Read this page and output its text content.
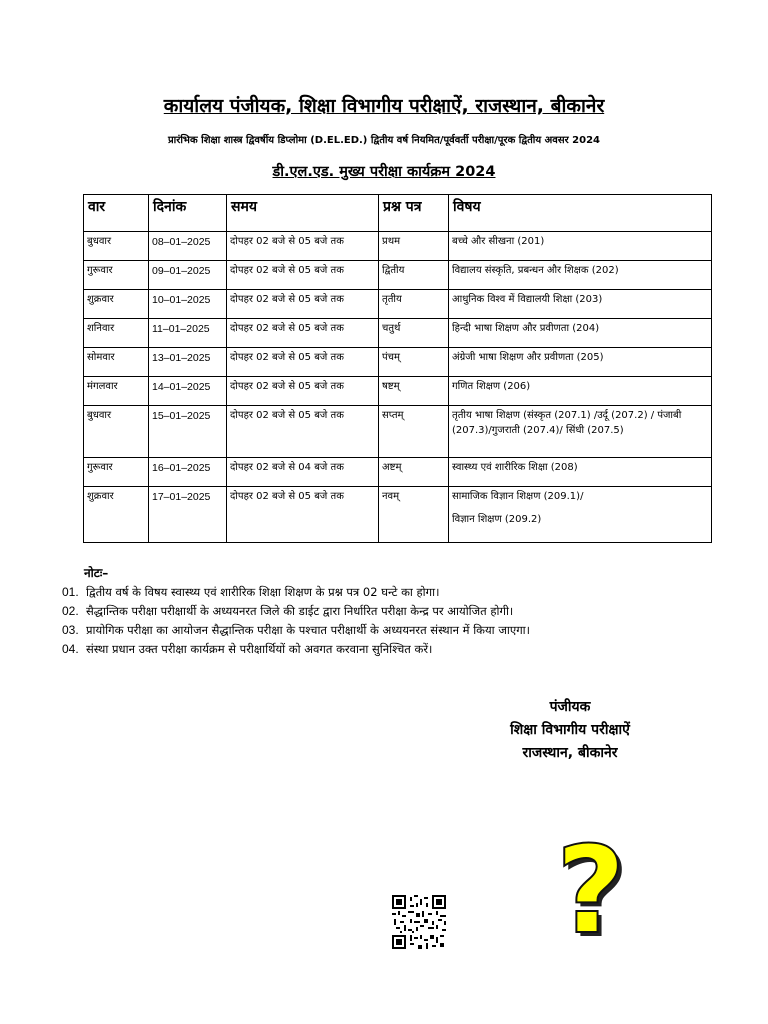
कार्यालय पंजीयक, शिक्षा विभागीय परीक्षाऐं, राजस्थान, बीकानेर
प्रारंभिक शिक्षा शास्त्र द्विवर्षीय डिप्लोमा (D.EL.ED.) द्वितीय वर्ष नियमित/पूर्ववर्ती परीक्षा/पूरक द्वितीय अवसर 2024
डी.एल.एड. मुख्य परीक्षा कार्यक्रम 2024
वार	दिनांक	समय	प्रश्न पत्र	विषय
बुधवार	08–01–2025	दोपहर 02 बजे से 05 बजे तक	प्रथम	बच्चे और सीखना (201)
गुरूवार	09–01–2025	दोपहर 02 बजे से 05 बजे तक	द्वितीय	विद्यालय संस्कृति, प्रबन्धन और शिक्षक (202)
शुक्रवार	10–01–2025	दोपहर 02 बजे से 05 बजे तक	तृतीय	आधुनिक विश्व में विद्यालयी शिक्षा (203)
शनिवार	11–01–2025	दोपहर 02 बजे से 05 बजे तक	चतुर्थ	हिन्दी भाषा शिक्षण और प्रवीणता (204)
सोमवार	13–01–2025	दोपहर 02 बजे से 05 बजे तक	पंचम्	अंग्रेजी भाषा शिक्षण और प्रवीणता (205)
मंगलवार	14–01–2025	दोपहर 02 बजे से 05 बजे तक	षष्टम्	गणित शिक्षण (206)
बुधवार	15–01–2025	दोपहर 02 बजे से 05 बजे तक	सप्तम्	तृतीय भाषा शिक्षण (संस्कृत (207.1) /उर्दू (207.2) / पंजाबी (207.3)/गुजराती (207.4)/ सिंधी (207.5)
गुरूवार	16–01–2025	दोपहर 02 बजे से 04 बजे तक	अष्टम्	स्वास्थ्य एवं शारीरिक शिक्षा (208)
शुक्रवार	17–01–2025	दोपहर 02 बजे से 05 बजे तक	नवम्	सामाजिक विज्ञान शिक्षण (209.1)/
विज्ञान शिक्षण (209.2)
नोटः–
01. द्वितीय वर्ष के विषय स्वास्थ्य एवं शारीरिक शिक्षा शिक्षण के प्रश्न पत्र 02 घन्टे का होगा।
02. सैद्धान्तिक परीक्षा परीक्षार्थी के अध्ययनरत जिले की डाईट द्वारा निर्धारित परीक्षा केन्द्र पर आयोजित होगी।
03. प्रायोगिक परीक्षा का आयोजन सैद्धान्तिक परीक्षा के पश्चात परीक्षार्थी के अध्ययनरत संस्थान में किया जाएगा।
04. संस्था प्रधान उक्त परीक्षा कार्यक्रम से परीक्षार्थियों को अवगत करवाना सुनिश्चित करें।
पंजीयक
शिक्षा विभागीय परीक्षाऐं
राजस्थान, बीकानेर
?
